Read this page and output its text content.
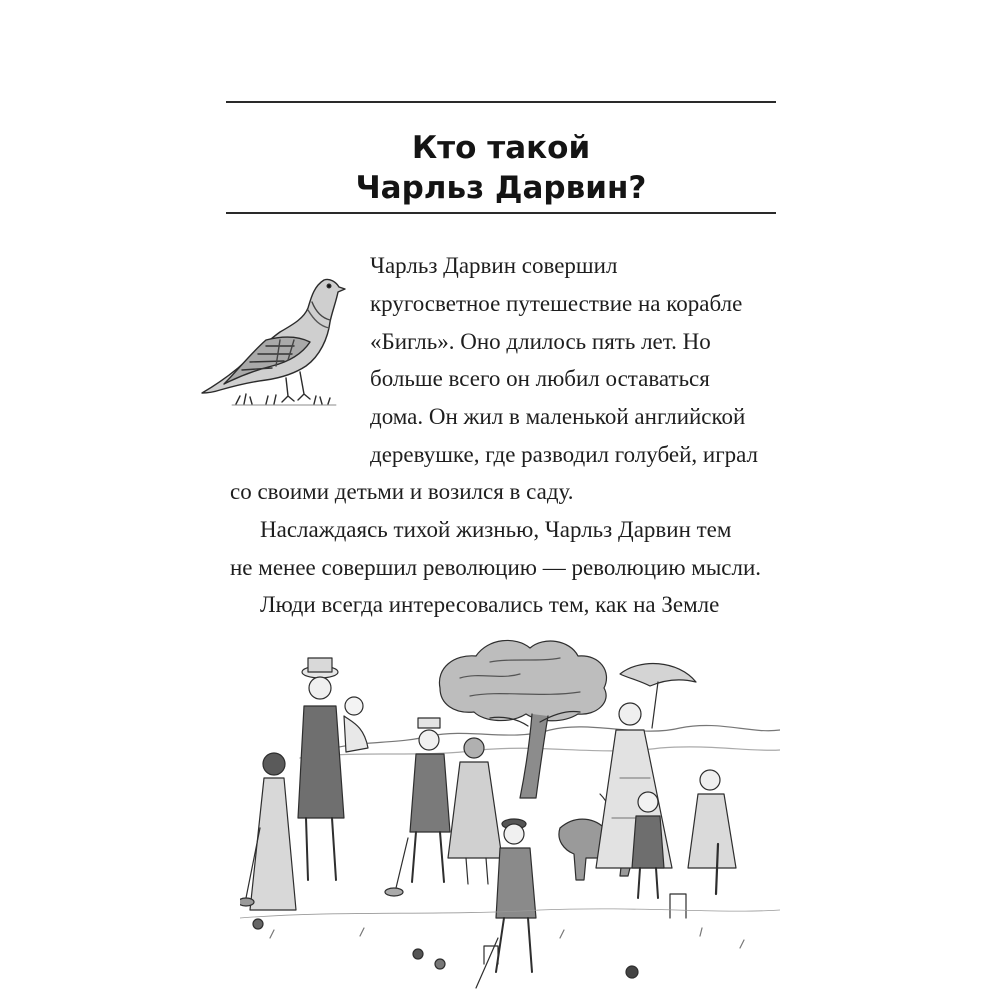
Кто такой
Чарльз Дарвин?
Чарльз Дарвин совершил
кругосветное путешествие на корабле
«Бигль». Оно длилось пять лет. Но
больше всего он любил оставаться
дома. Он жил в маленькой английской
деревушке, где разводил голубей, играл
со своими детьми и возился в саду.
Наслаждаясь тихой жизнью, Чарльз Дарвин тем
не менее совершил революцию — революцию мысли.
Люди всегда интересовались тем, как на Земле
